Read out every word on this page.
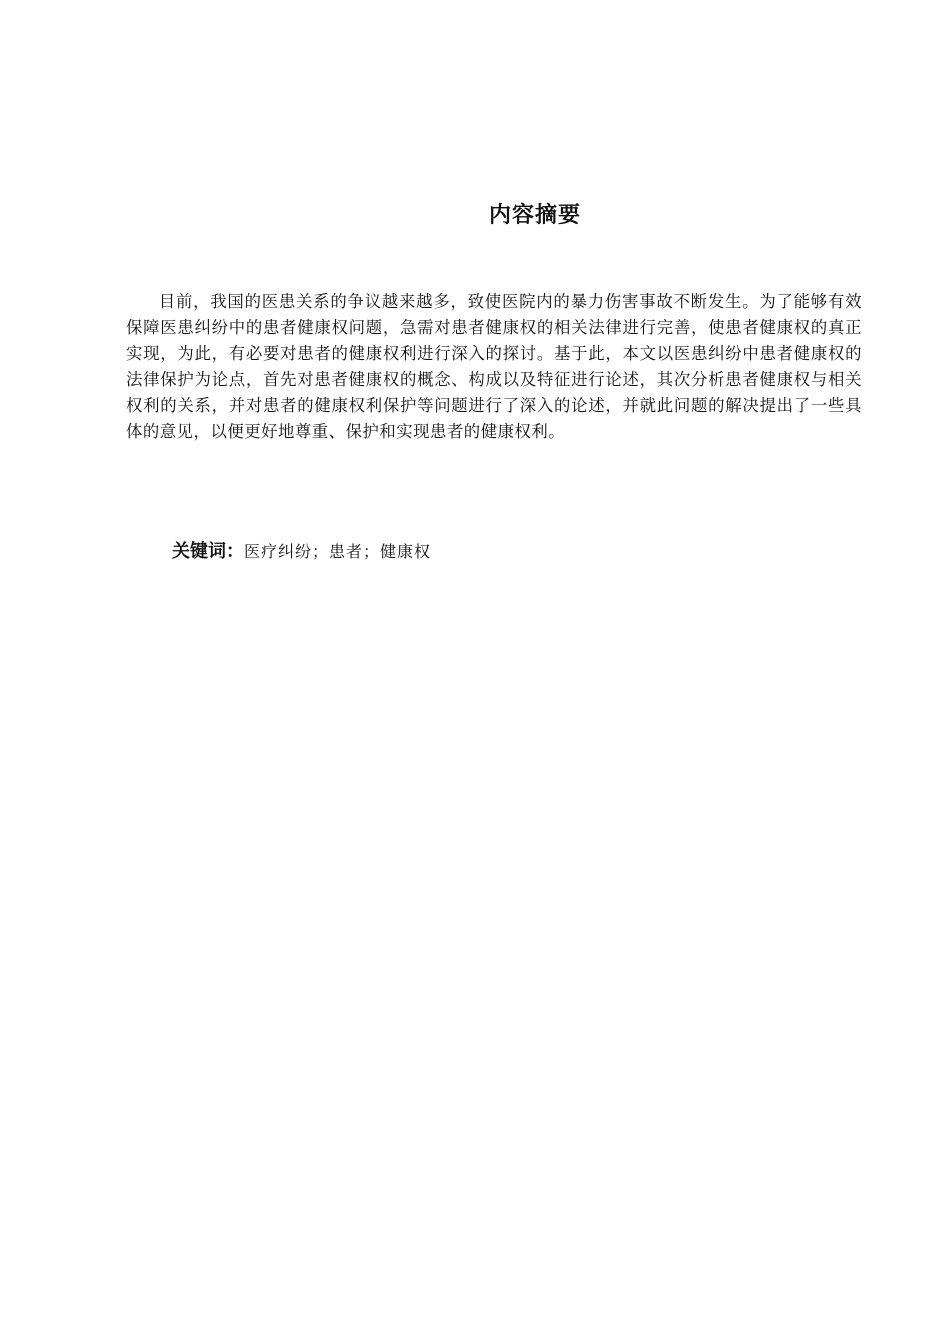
内容摘要

目前，我国的医患关系的争议越来越多，致使医院内的暴力伤害事故不断发生。为了能够有效保障医患纠纷中的患者健康权问题，急需对患者健康权的相关法律进行完善，使患者健康权的真正实现，为此，有必要对患者的健康权利进行深入的探讨。基于此，本文以医患纠纷中患者健康权的法律保护为论点，首先对患者健康权的概念、构成以及特征进行论述，其次分析患者健康权与相关权利的关系，并对患者的健康权利保护等问题进行了深入的论述，并就此问题的解决提出了一些具体的意见，以便更好地尊重、保护和实现患者的健康权利。

关键词：医疗纠纷；患者；健康权
